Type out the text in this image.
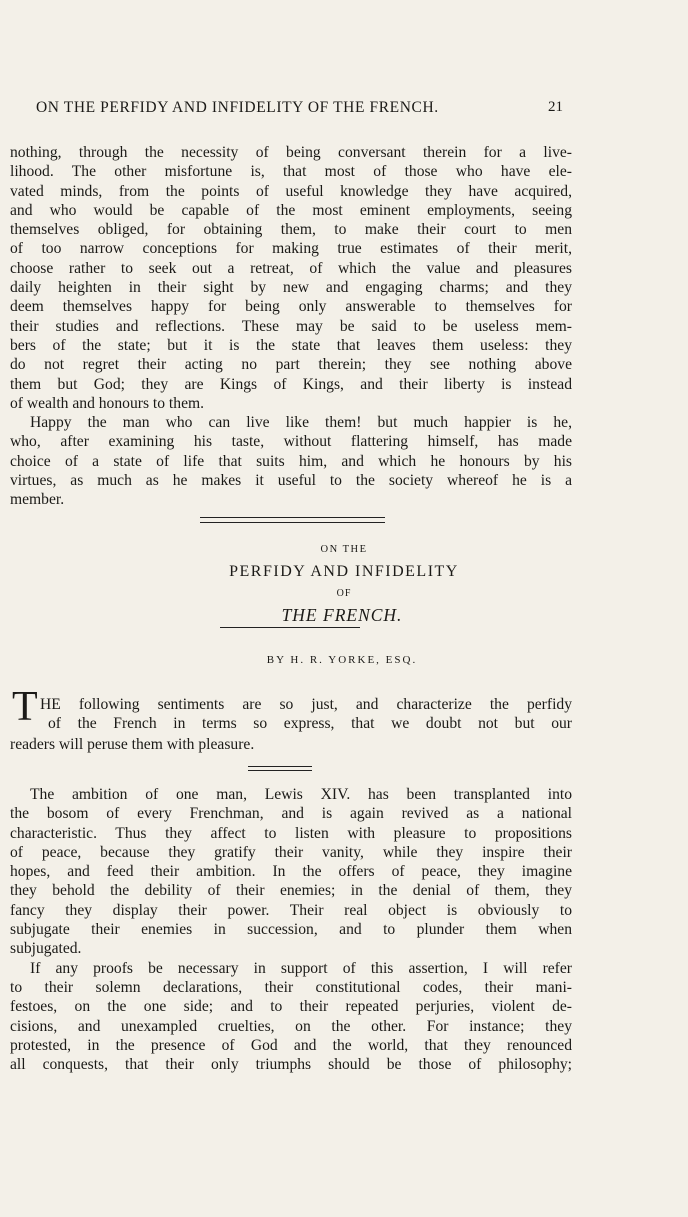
ON THE PERFIDY AND INFIDELITY OF THE FRENCH.	21
nothing, through the necessity of being conversant therein for a live-
lihood. The other misfortune is, that most of those who have ele-
vated minds, from the points of useful knowledge they have acquired,
and who would be capable of the most eminent employments, seeing
themselves obliged, for obtaining them, to make their court to men
of too narrow conceptions for making true estimates of their merit,
choose rather to seek out a retreat, of which the value and pleasures
daily heighten in their sight by new and engaging charms; and they
deem themselves happy for being only answerable to themselves for
their studies and reflections. These may be said to be useless mem-
bers of the state; but it is the state that leaves them useless: they
do not regret their acting no part therein; they see nothing above
them but God; they are Kings of Kings, and their liberty is instead
of wealth and honours to them.
Happy the man who can live like them! but much happier is he,
who, after examining his taste, without flattering himself, has made
choice of a state of life that suits him, and which he honours by his
virtues, as much as he makes it useful to the society whereof he is a
member.
ON THE
PERFIDY AND INFIDELITY
OF
THE FRENCH.
BY H. R. YORKE, ESQ.
T HE following sentiments are so just, and characterize the perfidy
of the French in terms so express, that we doubt not but our
readers will peruse them with pleasure.
The ambition of one man, Lewis XIV. has been transplanted into
the bosom of every Frenchman, and is again revived as a national
characteristic. Thus they affect to listen with pleasure to propositions
of peace, because they gratify their vanity, while they inspire their
hopes, and feed their ambition. In the offers of peace, they imagine
they behold the debility of their enemies; in the denial of them, they
fancy they display their power. Their real object is obviously to
subjugate their enemies in succession, and to plunder them when
subjugated.
If any proofs be necessary in support of this assertion, I will refer
to their solemn declarations, their constitutional codes, their mani-
festoes, on the one side; and to their repeated perjuries, violent de-
cisions, and unexampled cruelties, on the other. For instance; they
protested, in the presence of God and the world, that they renounced
all conquests, that their only triumphs should be those of philosophy;
